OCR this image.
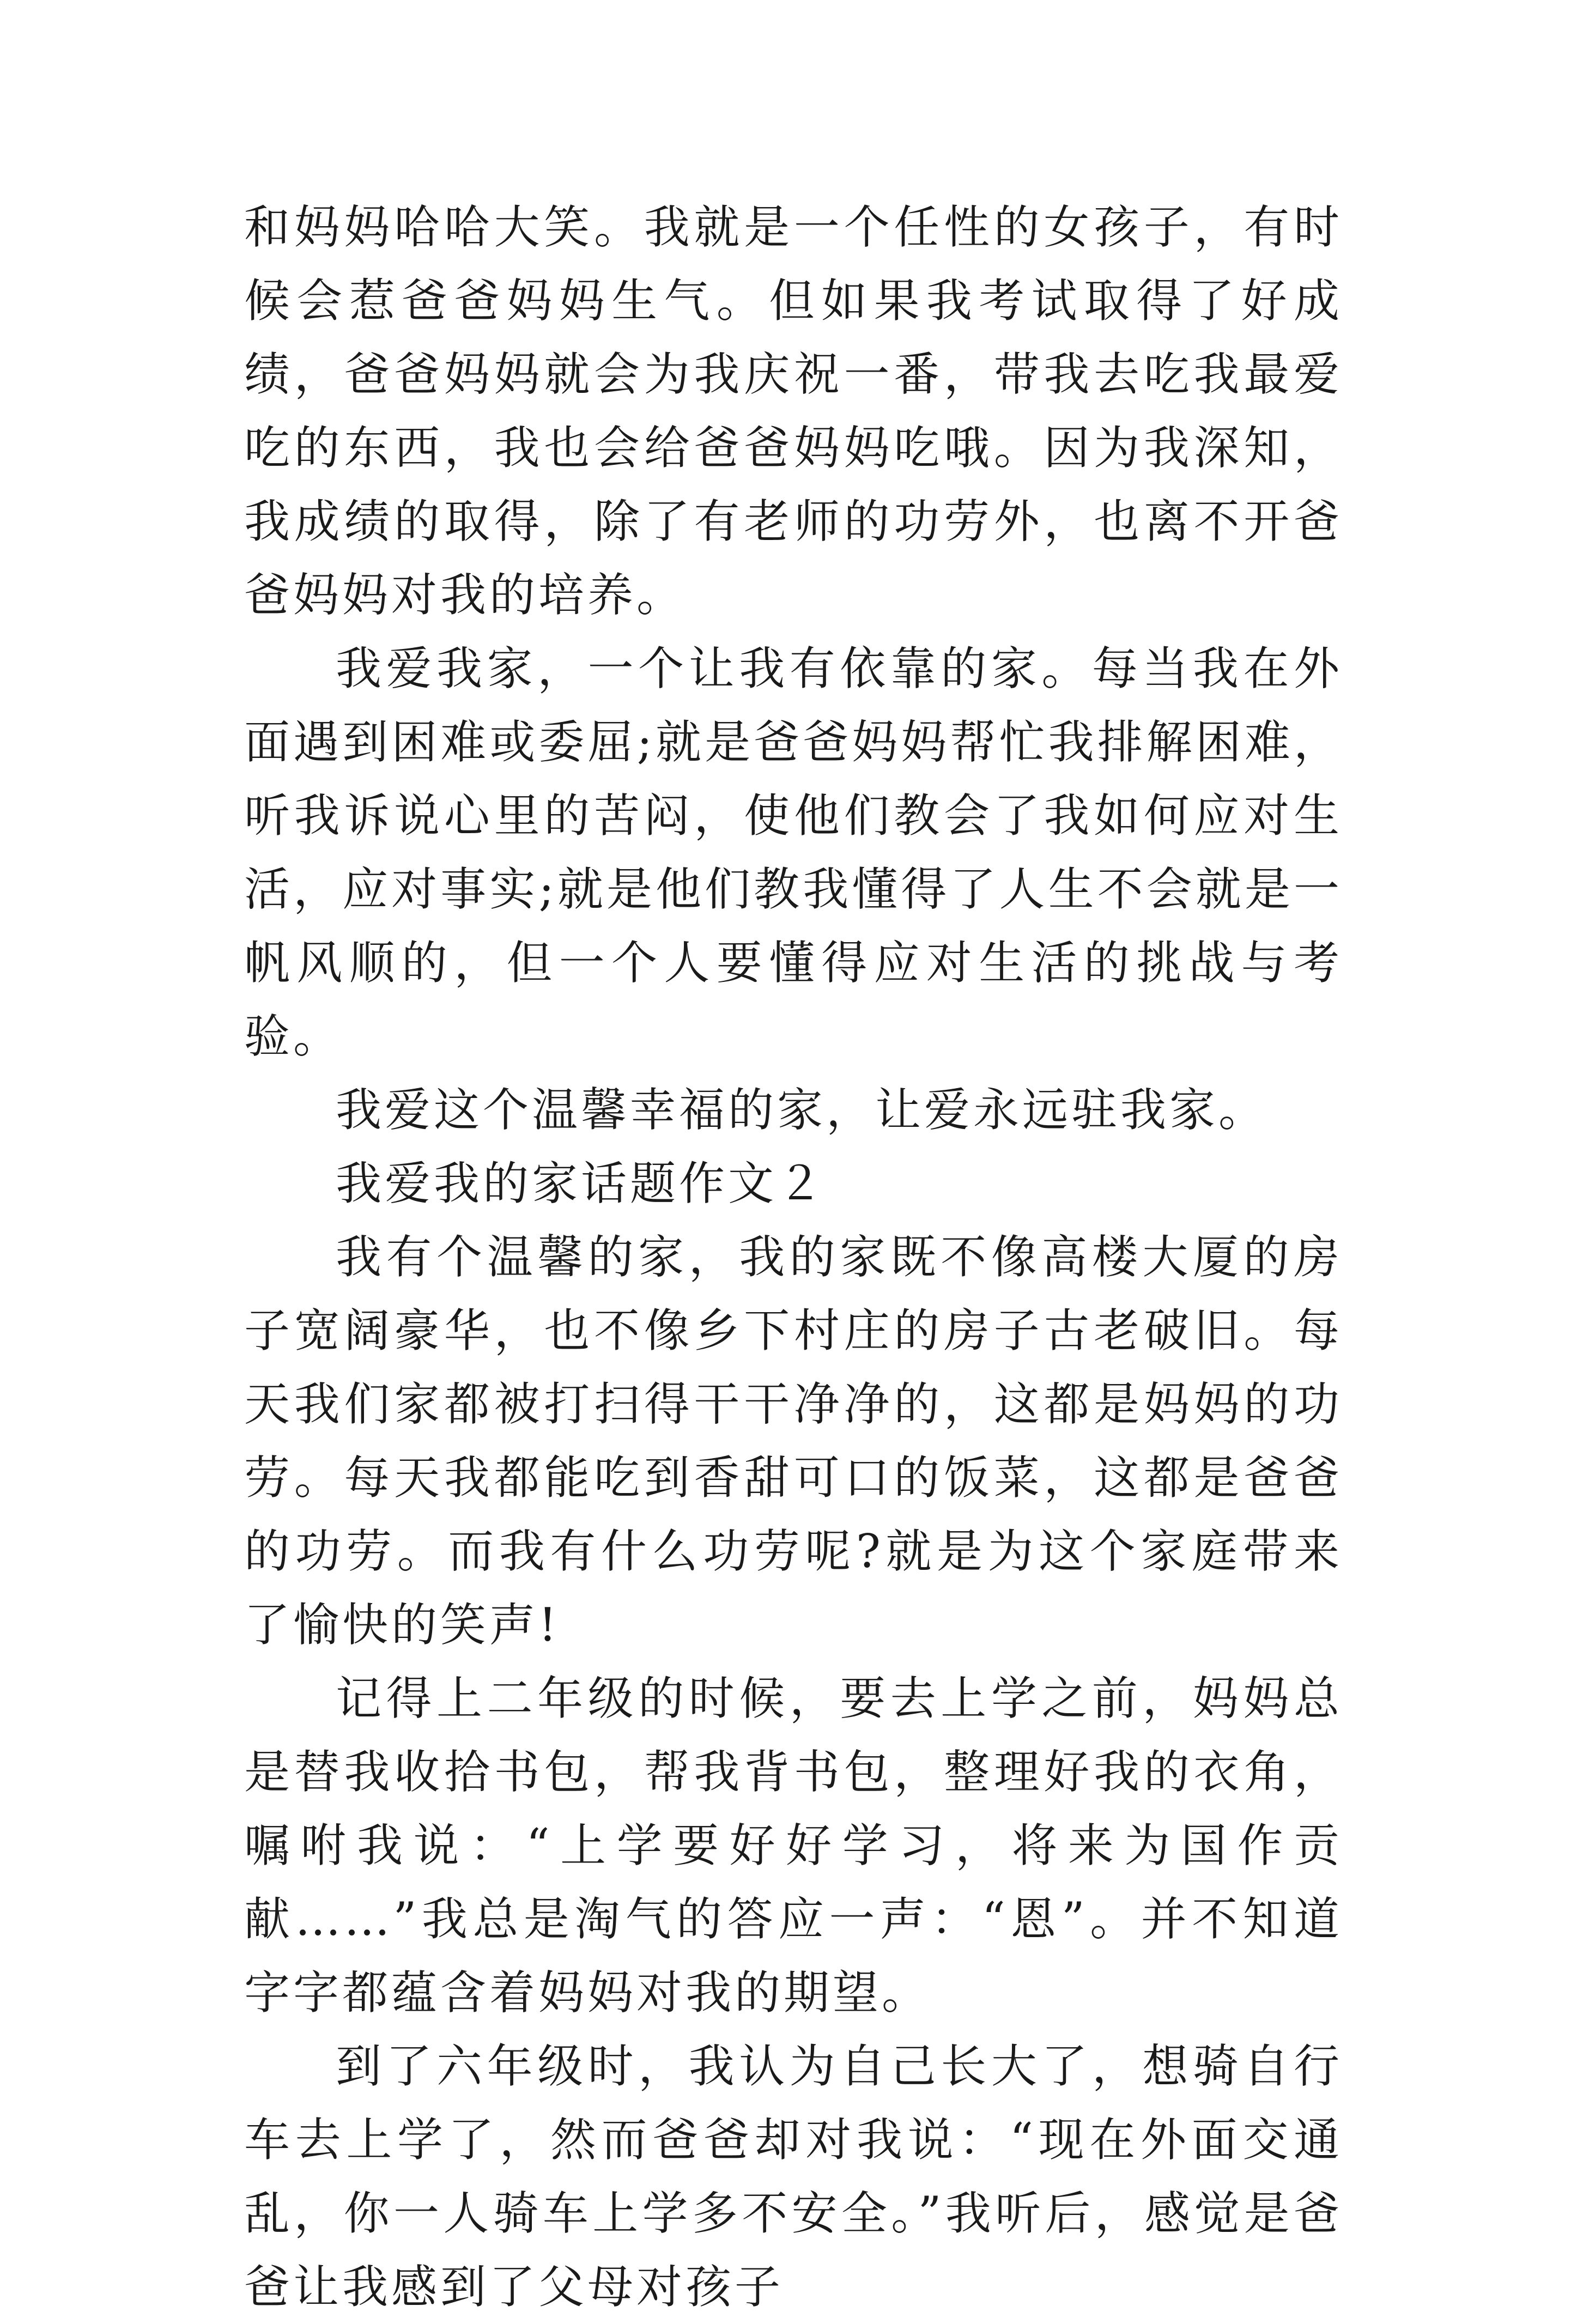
和妈妈哈哈大笑。我就是一个任性的女孩子，有时候会惹爸爸妈妈生气。但如果我考试取得了好成绩，爸爸妈妈就会为我庆祝一番，带我去吃我最爱吃的东西，我也会给爸爸妈妈吃哦。因为我深知，我成绩的取得，除了有老师的功劳外，也离不开爸爸妈妈对我的培养。

我爱我家，一个让我有依靠的家。每当我在外面遇到困难或委屈;就是爸爸妈妈帮忙我排解困难，听我诉说心里的苦闷，使他们教会了我如何应对生活，应对事实;就是他们教我懂得了人生不会就是一帆风顺的，但一个人要懂得应对生活的挑战与考验。

我爱这个温馨幸福的家，让爱永远驻我家。

我爱我的家话题作文２

我有个温馨的家，我的家既不像高楼大厦的房子宽阔豪华，也不像乡下村庄的房子古老破旧。每天我们家都被打扫得干干净净的，这都是妈妈的功劳。每天我都能吃到香甜可口的饭菜，这都是爸爸的功劳。而我有什么功劳呢?就是为这个家庭带来了愉快的笑声!

记得上二年级的时候，要去上学之前，妈妈总是替我收拾书包，帮我背书包，整理好我的衣角，嘱咐我说：“上学要好好学习，将来为国作贡献……”我总是淘气的答应一声：“恩”。并不知道字字都蕴含着妈妈对我的期望。

到了六年级时，我认为自己长大了，想骑自行车去上学了，然而爸爸却对我说：“现在外面交通乱，你一人骑车上学多不安全。”我听后，感觉是爸爸让我感到了父母对孩子
